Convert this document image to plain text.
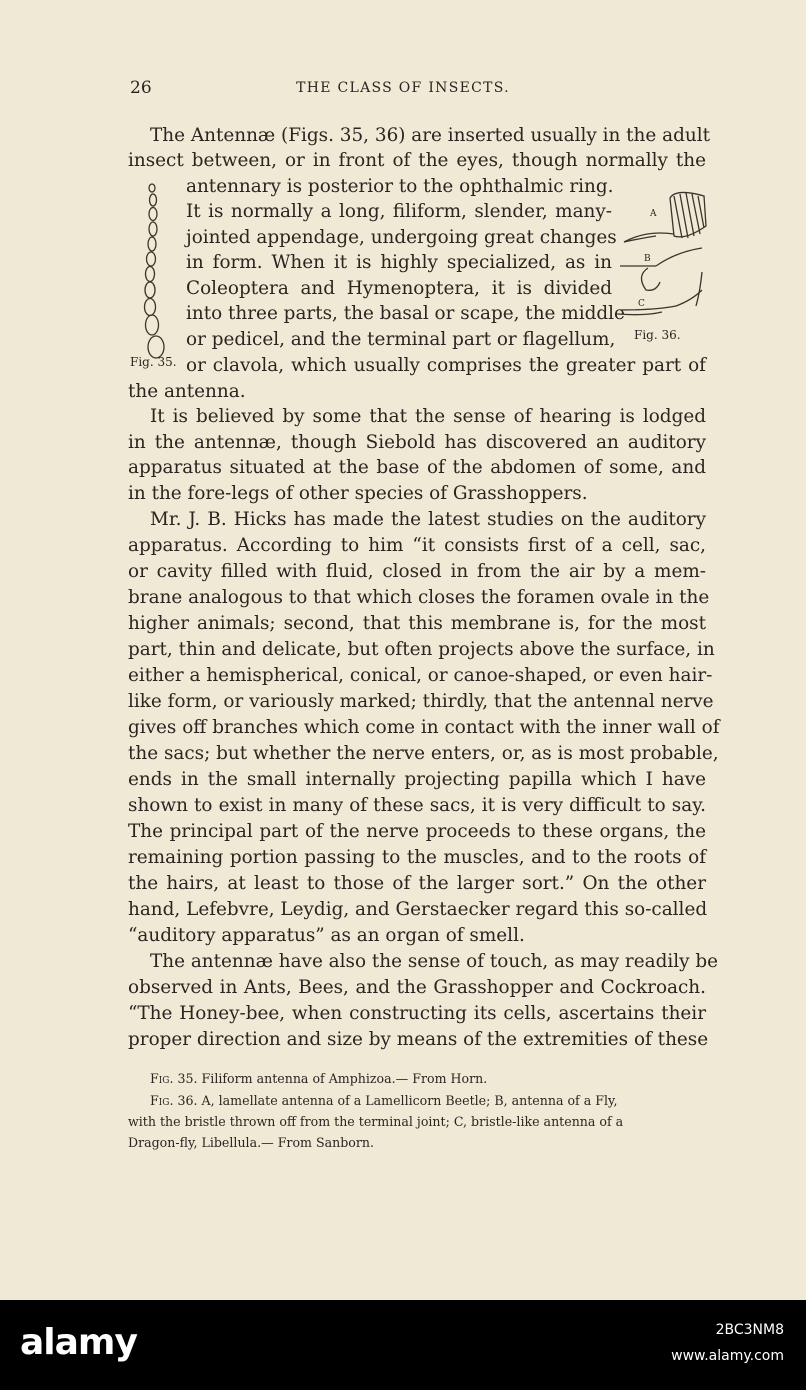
26	THE CLASS OF INSECTS.
The Antennæ (Figs. 35, 36) are inserted usually in the adult
insect between, or in front of the eyes, though normally the
antennary is posterior to the ophthalmic ring.
It is normally a long, filiform, slender, many-
jointed appendage, undergoing great changes
in form. When it is highly specialized, as in
Coleoptera and Hymenoptera, it is divided
into three parts, the basal or scape, the middle
or pedicel, and the terminal part or flagellum,
or clavola, which usually comprises the greater part of
the antenna.
It is believed by some that the sense of hearing is lodged
in the antennæ, though Siebold has discovered an auditory
apparatus situated at the base of the abdomen of some, and
in the fore-legs of other species of Grasshoppers.
Mr. J. B. Hicks has made the latest studies on the auditory
apparatus. According to him “it consists first of a cell, sac,
or cavity filled with fluid, closed in from the air by a mem-
brane analogous to that which closes the foramen ovale in the
higher animals; second, that this membrane is, for the most
part, thin and delicate, but often projects above the surface, in
either a hemispherical, conical, or canoe-shaped, or even hair-
like form, or variously marked; thirdly, that the antennal nerve
gives off branches which come in contact with the inner wall of
the sacs; but whether the nerve enters, or, as is most probable,
ends in the small internally projecting papilla which I have
shown to exist in many of these sacs, it is very difficult to say.
The principal part of the nerve proceeds to these organs, the
remaining portion passing to the muscles, and to the roots of
the hairs, at least to those of the larger sort.” On the other
hand, Lefebvre, Leydig, and Gerstaecker regard this so-called
“auditory apparatus” as an organ of smell.
The antennæ have also the sense of touch, as may readily be
observed in Ants, Bees, and the Grasshopper and Cockroach.
“The Honey-bee, when constructing its cells, ascertains their
proper direction and size by means of the extremities of these
Fig. 35.
A
B
C
Fig. 36.
Fig. 35. Filiform antenna of Amphizoa.— From Horn.
Fig. 36. A, lamellate antenna of a Lamellicorn Beetle; B, antenna of a Fly,
with the bristle thrown off from the terminal joint; C, bristle-like antenna of a
Dragon-fly, Libellula.— From Sanborn.
alamy	2BC3NM8
www.alamy.com
